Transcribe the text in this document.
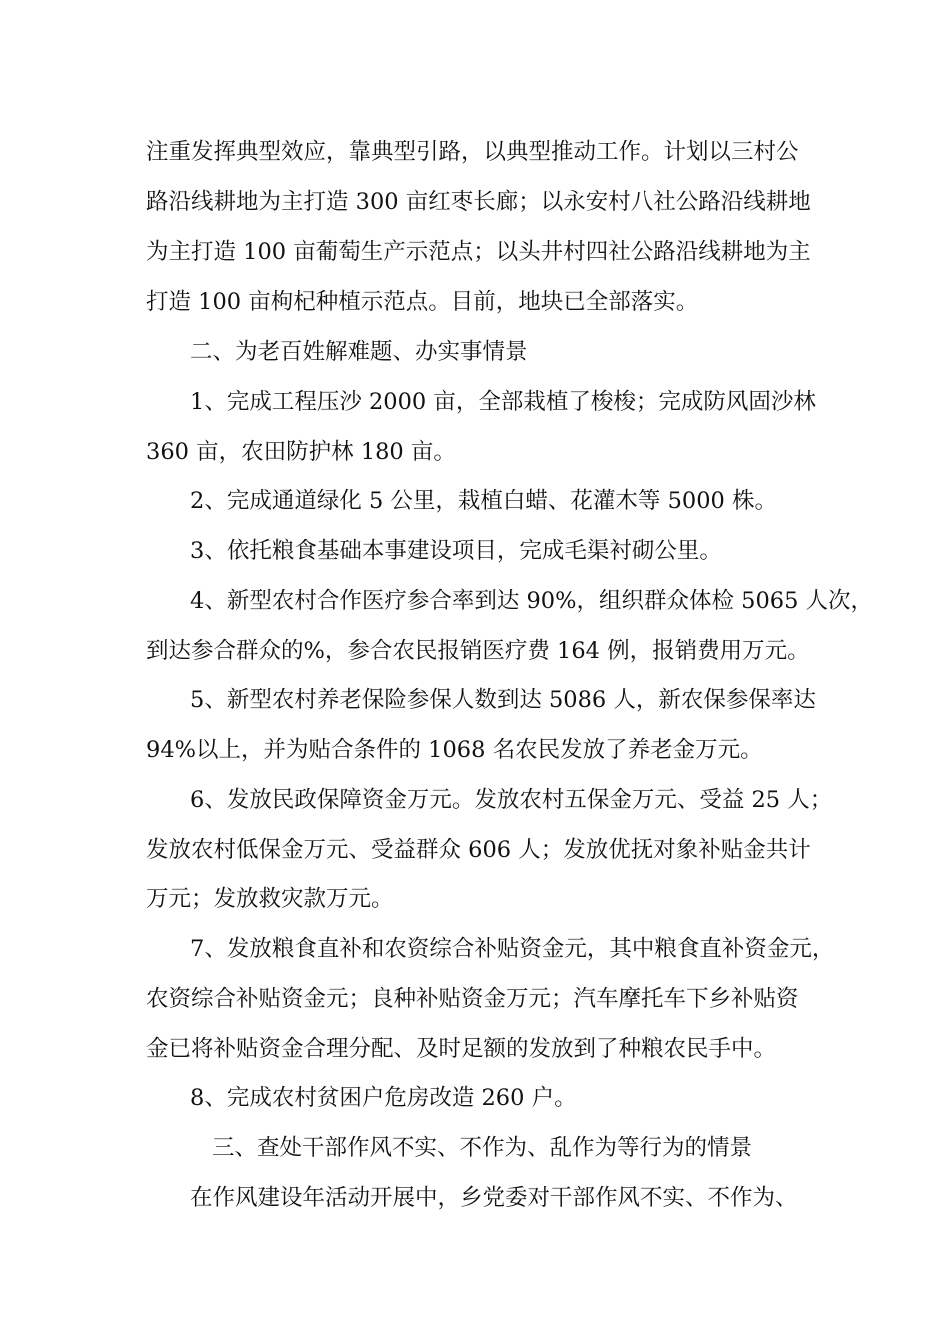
注重发挥典型效应，靠典型引路，以典型推动工作。计划以三村公
路沿线耕地为主打造 300 亩红枣长廊；以永安村八社公路沿线耕地
为主打造 100 亩葡萄生产示范点；以头井村四社公路沿线耕地为主
打造 100 亩枸杞种植示范点。目前，地块已全部落实。
二、为老百姓解难题、办实事情景
1、完成工程压沙 2000 亩，全部栽植了梭梭；完成防风固沙林
360 亩，农田防护林 180 亩。
2、完成通道绿化 5 公里，栽植白蜡、花灌木等 5000 株。
3、依托粮食基础本事建设项目，完成毛渠衬砌公里。
4、新型农村合作医疗参合率到达 90%，组织群众体检 5065 人次，
到达参合群众的%，参合农民报销医疗费 164 例，报销费用万元。
5、新型农村养老保险参保人数到达 5086 人，新农保参保率达
94%以上，并为贴合条件的 1068 名农民发放了养老金万元。
6、发放民政保障资金万元。发放农村五保金万元、受益 25 人；
发放农村低保金万元、受益群众 606 人；发放优抚对象补贴金共计
万元；发放救灾款万元。
7、发放粮食直补和农资综合补贴资金元，其中粮食直补资金元，
农资综合补贴资金元；良种补贴资金万元；汽车摩托车下乡补贴资
金已将补贴资金合理分配、及时足额的发放到了种粮农民手中。
8、完成农村贫困户危房改造 260 户。
三、查处干部作风不实、不作为、乱作为等行为的情景
在作风建设年活动开展中，乡党委对干部作风不实、不作为、
